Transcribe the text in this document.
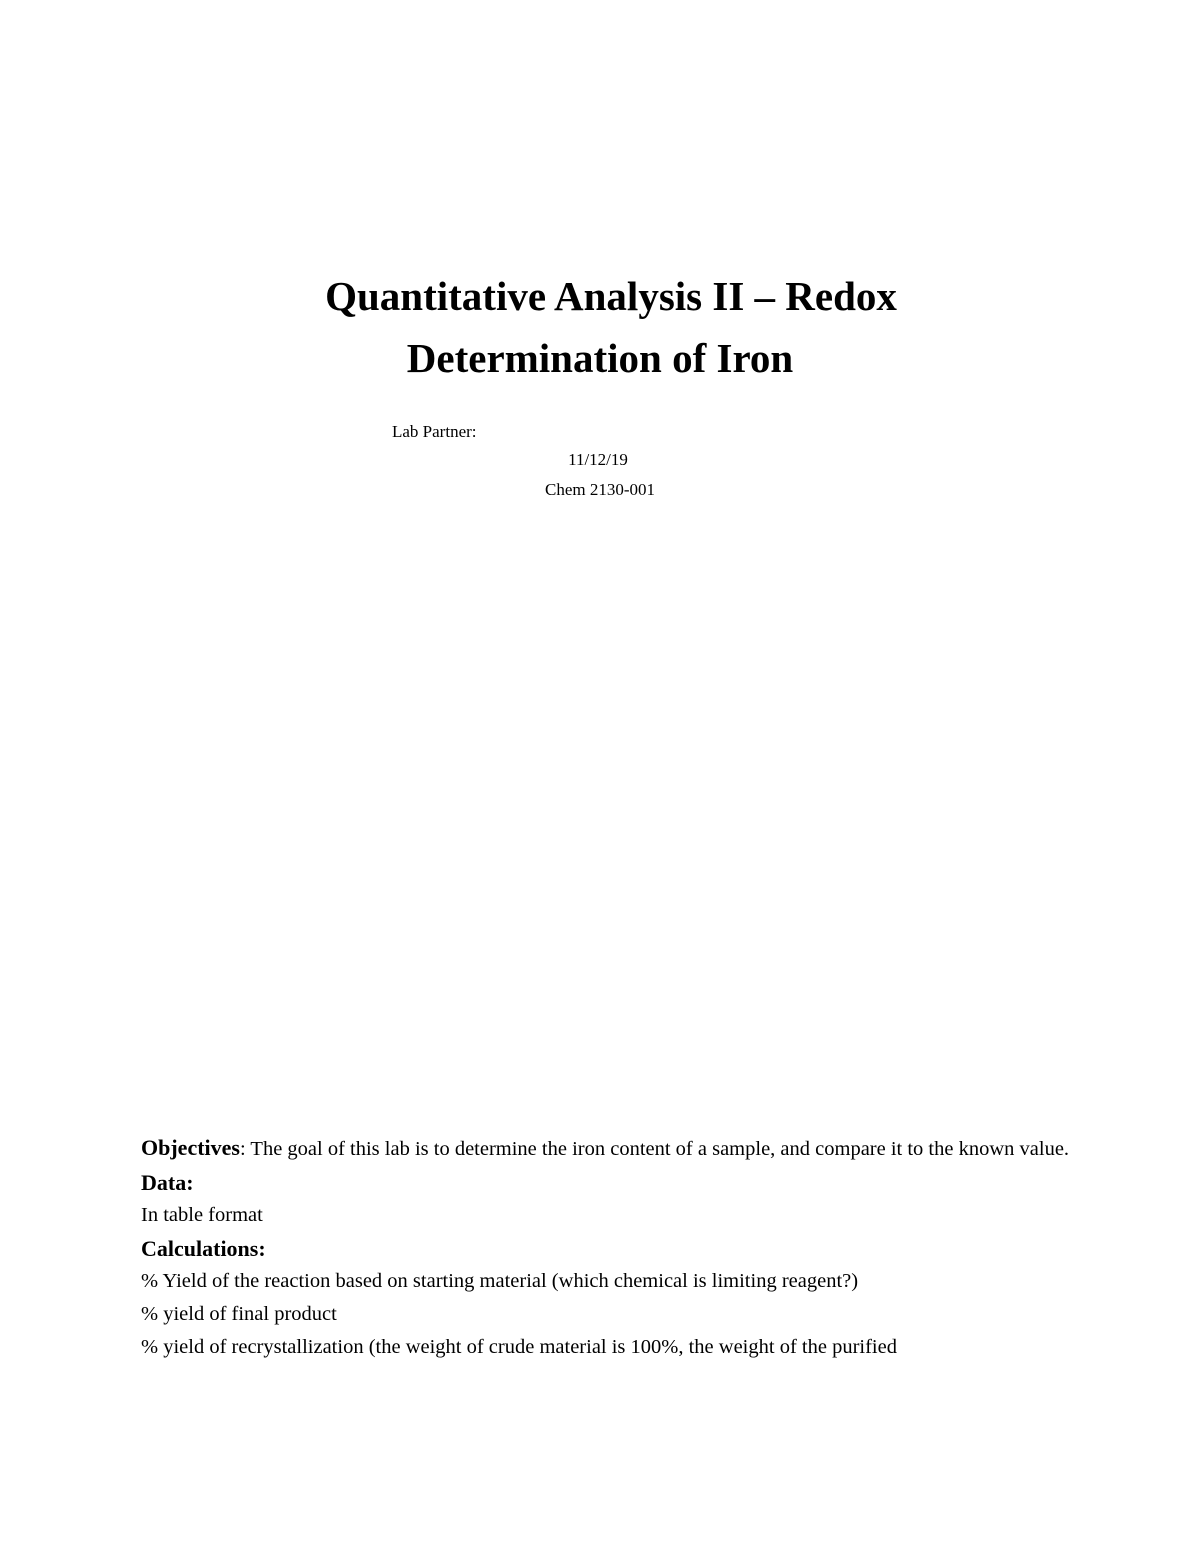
Quantitative Analysis II – Redox
Determination of Iron
Lab Partner:
11/12/19
Chem 2130-001

Objectives: The goal of this lab is to determine the iron content of a sample, and compare it to the known value.

Data:

In table format

Calculations:

% Yield of the reaction based on starting material (which chemical is limiting reagent?)

% yield of final product

% yield of recrystallization (the weight of crude material is 100%, the weight of the purified
